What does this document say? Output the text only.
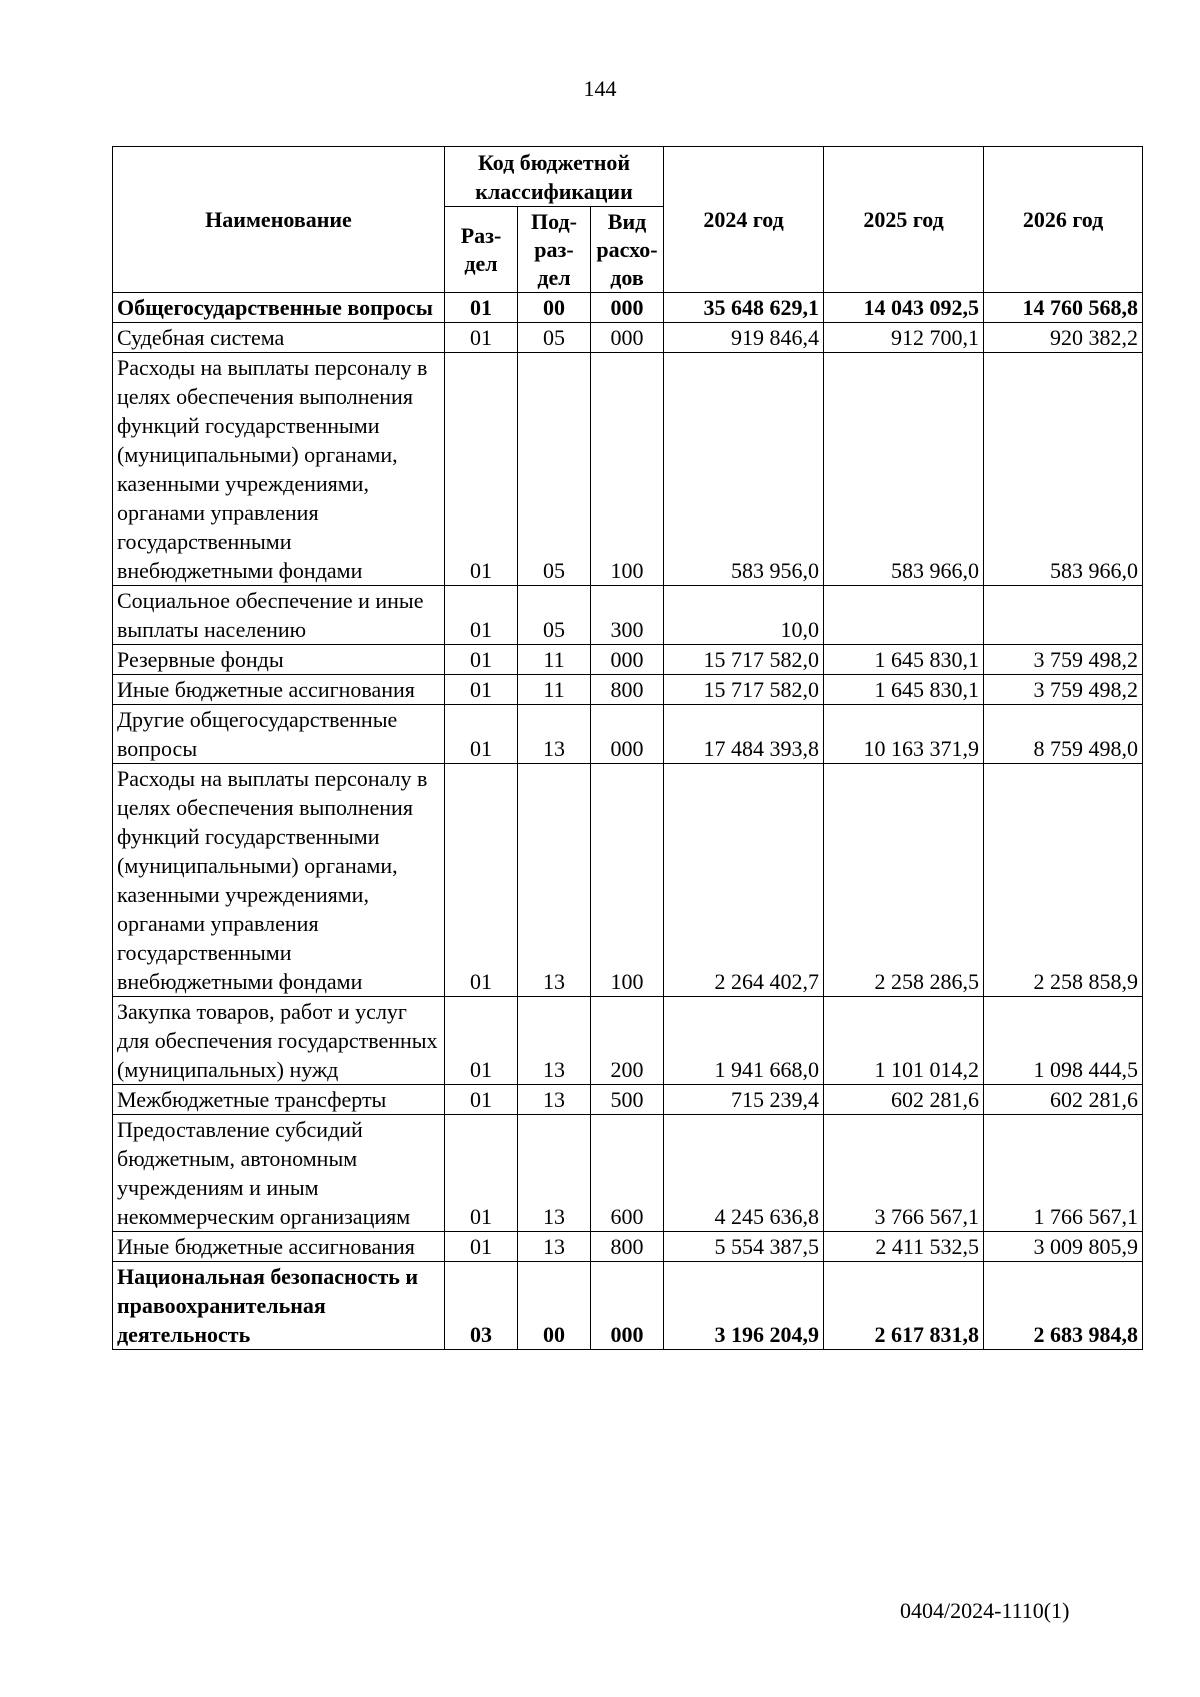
144
Наименование	Код бюджетной классификации			2024 год	2025 год	2026 год
	Раз-дел	Под-раз-дел	Вид расхо-дов			
Общегосударственные вопросы	01	00	000	35 648 629,1	14 043 092,5	14 760 568,8
Судебная система	01	05	000	919 846,4	912 700,1	920 382,2
Расходы на выплаты персоналу в целях обеспечения выполнения функций государственными (муниципальными) органами, казенными учреждениями, органами управления государственными внебюджетными фондами	01	05	100	583 956,0	583 966,0	583 966,0
Социальное обеспечение и иные выплаты населению	01	05	300	10,0		
Резервные фонды	01	11	000	15 717 582,0	1 645 830,1	3 759 498,2
Иные бюджетные ассигнования	01	11	800	15 717 582,0	1 645 830,1	3 759 498,2
Другие общегосударственные вопросы	01	13	000	17 484 393,8	10 163 371,9	8 759 498,0
Расходы на выплаты персоналу в целях обеспечения выполнения функций государственными (муниципальными) органами, казенными учреждениями, органами управления государственными внебюджетными фондами	01	13	100	2 264 402,7	2 258 286,5	2 258 858,9
Закупка товаров, работ и услуг для обеспечения государственных (муниципальных) нужд	01	13	200	1 941 668,0	1 101 014,2	1 098 444,5
Межбюджетные трансферты	01	13	500	715 239,4	602 281,6	602 281,6
Предоставление субсидий бюджетным, автономным учреждениям и иным некоммерческим организациям	01	13	600	4 245 636,8	3 766 567,1	1 766 567,1
Иные бюджетные ассигнования	01	13	800	5 554 387,5	2 411 532,5	3 009 805,9
Национальная безопасность и правоохранительная деятельность	03	00	000	3 196 204,9	2 617 831,8	2 683 984,8
0404/2024-1110(1)
